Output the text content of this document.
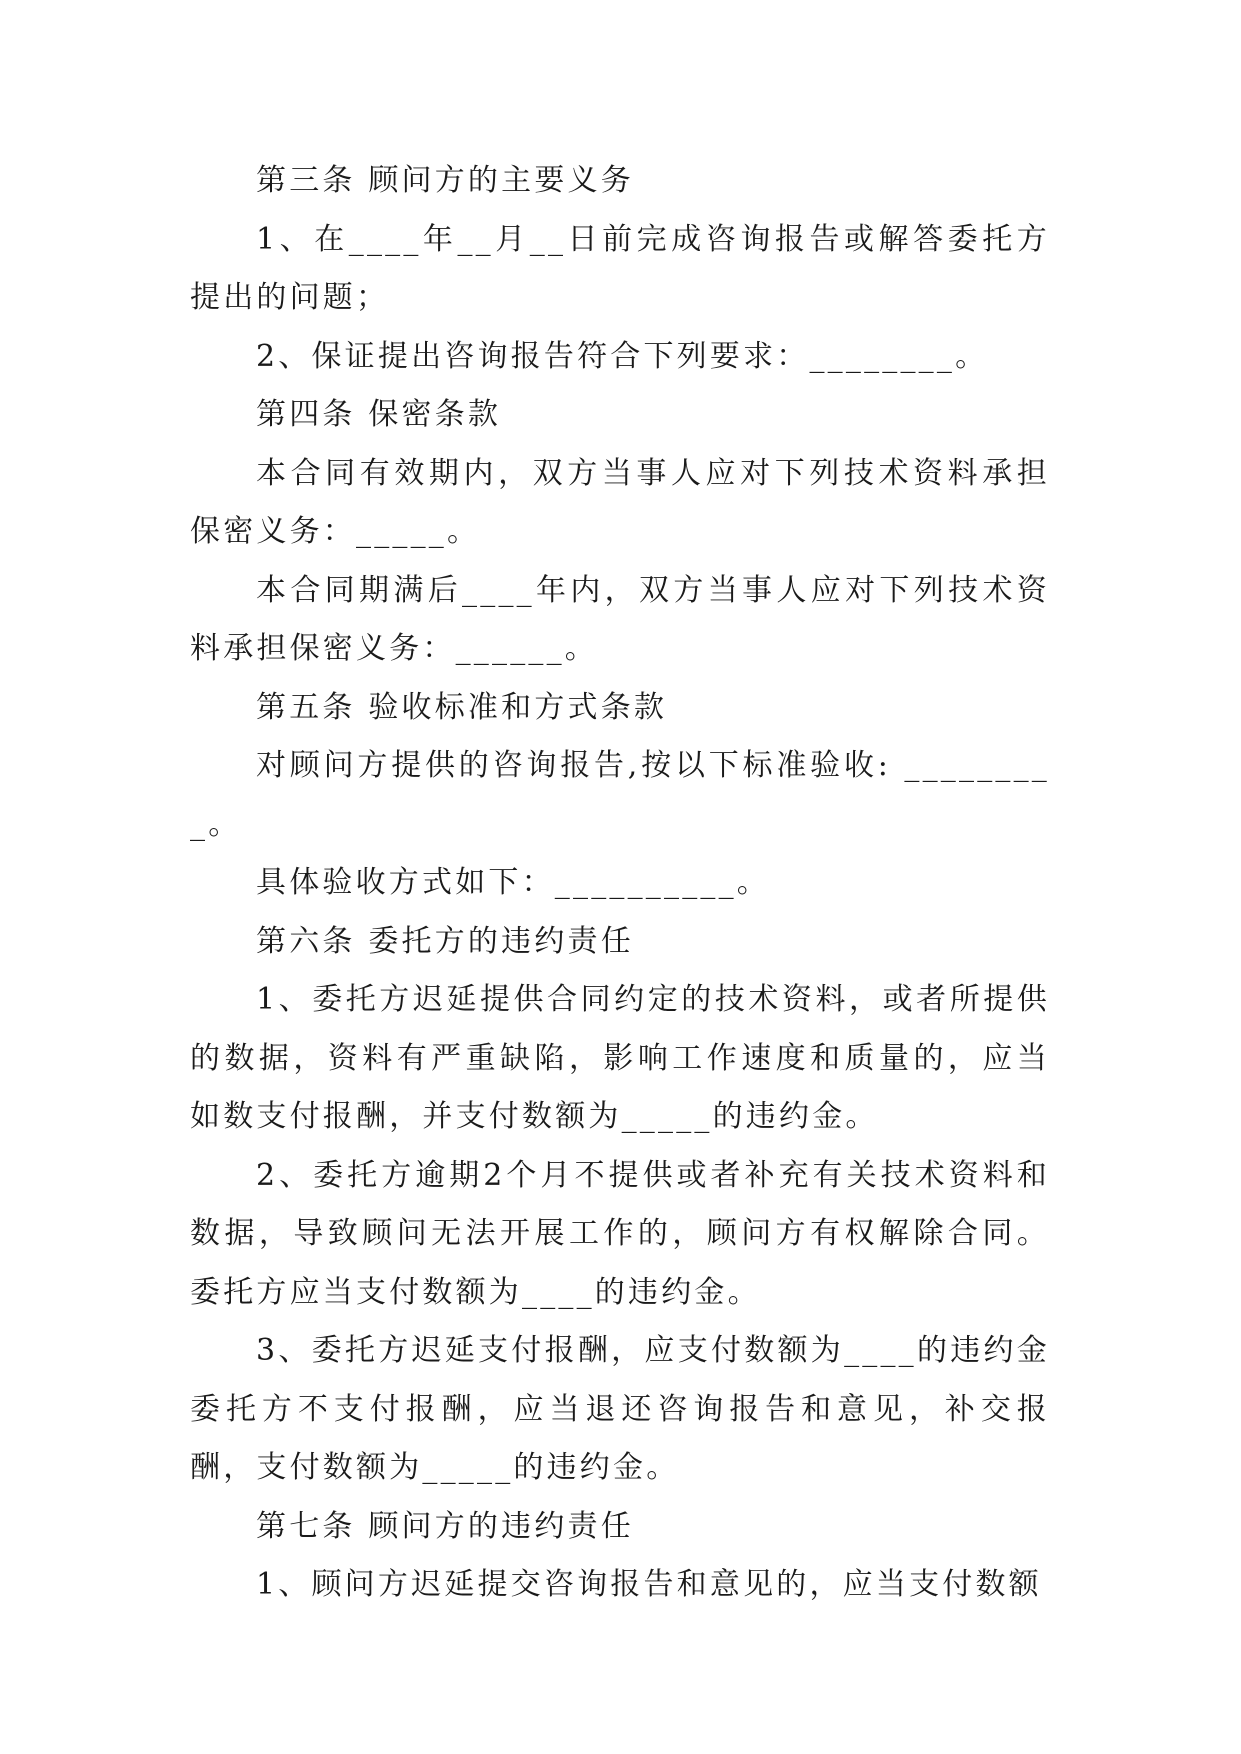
第三条 顾问方的主要义务

1、在____年__月__日前完成咨询报告或解答委托方提出的问题；

2、保证提出咨询报告符合下列要求：________。

第四条 保密条款

本合同有效期内，双方当事人应对下列技术资料承担保密义务：_____。

本合同期满后____年内，双方当事人应对下列技术资料承担保密义务：______。

第五条 验收标准和方式条款

对顾问方提供的咨询报告,按以下标准验收: _________。

具体验收方式如下：__________。

第六条 委托方的违约责任

1、委托方迟延提供合同约定的技术资料，或者所提供的数据，资料有严重缺陷，影响工作速度和质量的，应当如数支付报酬，并支付数额为_____的违约金。

2、委托方逾期2个月不提供或者补充有关技术资料和数据，导致顾问无法开展工作的，顾问方有权解除合同。委托方应当支付数额为____的违约金。

3、委托方迟延支付报酬，应支付数额为____的违约金委托方不支付报酬，应当退还咨询报告和意见，补交报酬，支付数额为_____的违约金。

第七条 顾问方的违约责任

1、顾问方迟延提交咨询报告和意见的，应当支付数额
